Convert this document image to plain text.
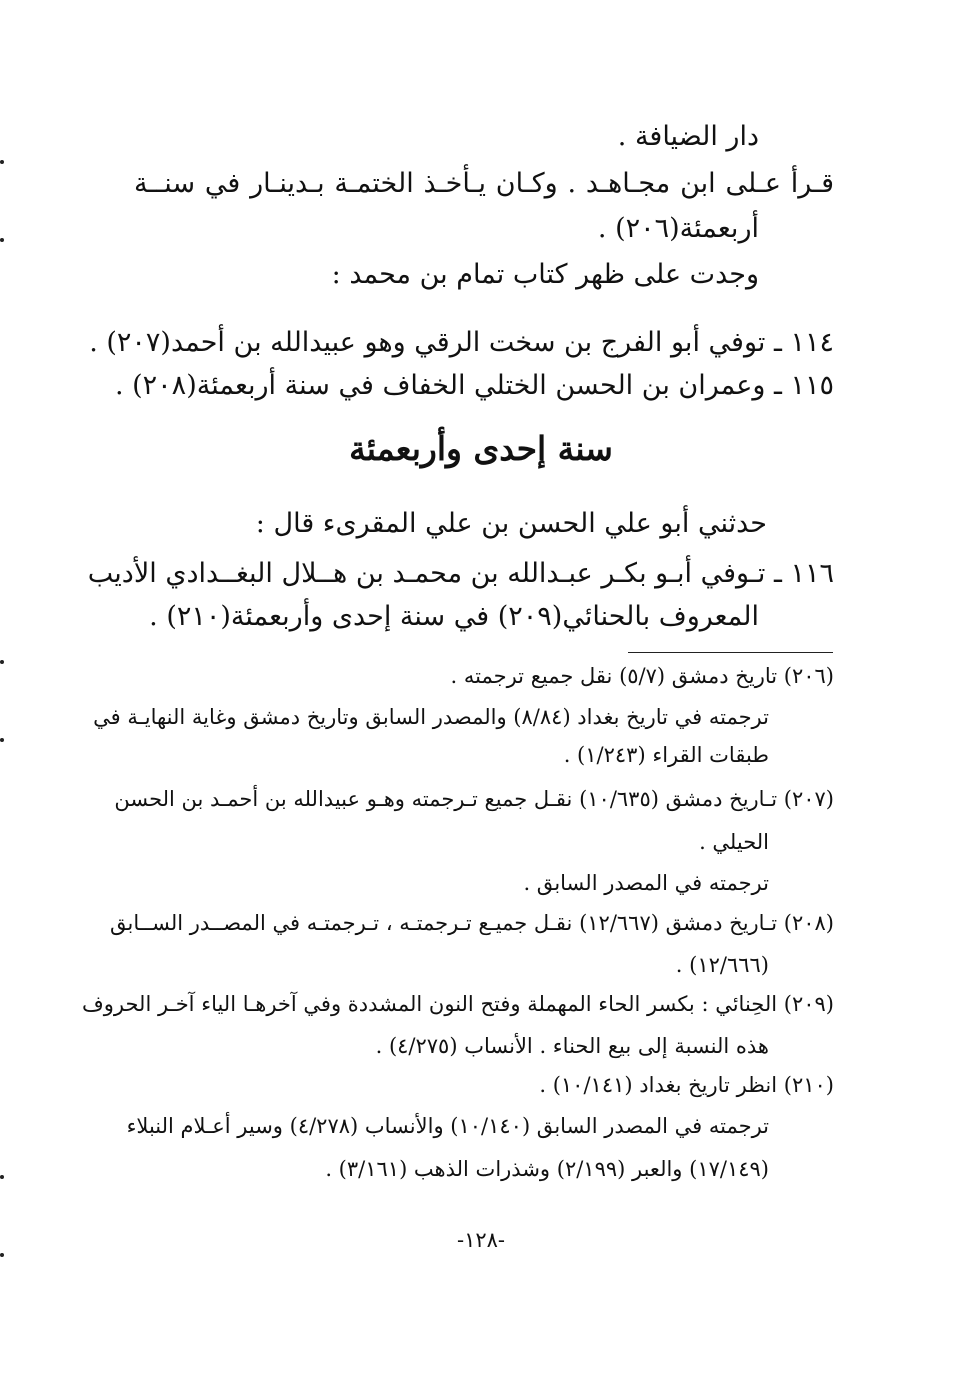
دار الضيافة .
قـرأ عـلى ابن مجـاهـد . وكـان يـأخـذ الختمـة بـدينـار في سنــة
أربعمئة(٢٠٦) .
وجدت على ظهر كتاب تمام بن محمد :
١١٤ ـ توفي أبو الفرج بن سخت الرقي وهو عبيدالله بن أحمد(٢٠٧) .
١١٥ ـ وعمران بن الحسن الختلي الخفاف في سنة أربعمئة(٢٠٨) .
سنة إحدى وأربعمئة
حدثني أبو علي الحسن بن علي المقرىء قال :
١١٦ ـ تـوفي أبـو بكـر عبـدالله بن محمـد بن هــلال البغــدادي الأديب
المعروف بالحنائي(٢٠٩) في سنة إحدى وأربعمئة(٢١٠) .
(٢٠٦) تاريخ دمشق (٥/٧) نقل جميع ترجمته .
ترجمته في تاريخ بغداد (٨/٨٤) والمصدر السابق وتاريخ دمشق وغاية النهايـة في
طبقات القراء (١/٢٤٣) .
(٢٠٧) تـاريخ دمشق (١٠/٦٣٥) نقـل جميع تـرجمته وهـو عبيدالله بن أحمـد بن الحسن
الحيلي .
ترجمته في المصدر السابق .
(٢٠٨) تـاريخ دمشق (١٢/٦٦٧) نقـل جميـع تـرجمتـه ، تـرجمتـه في المصــدر الســابق
(١٢/٦٦٦) .
(٢٠٩) الحِنائي : بكسر الحاء المهملة وفتح النون المشددة وفي آخرهـا الياء آخـر الحروف
هذه النسبة إلى بيع الحناء . الأنساب (٤/٢٧٥) .
(٢١٠) انظر تاريخ بغداد (١٠/١٤١) .
ترجمته في المصدر السابق (١٠/١٤٠) والأنساب (٤/٢٧٨) وسير أعـلام النبلاء
(١٧/١٤٩) والعبر (٢/١٩٩) وشذرات الذهب (٣/١٦١) .
-١٢٨-
